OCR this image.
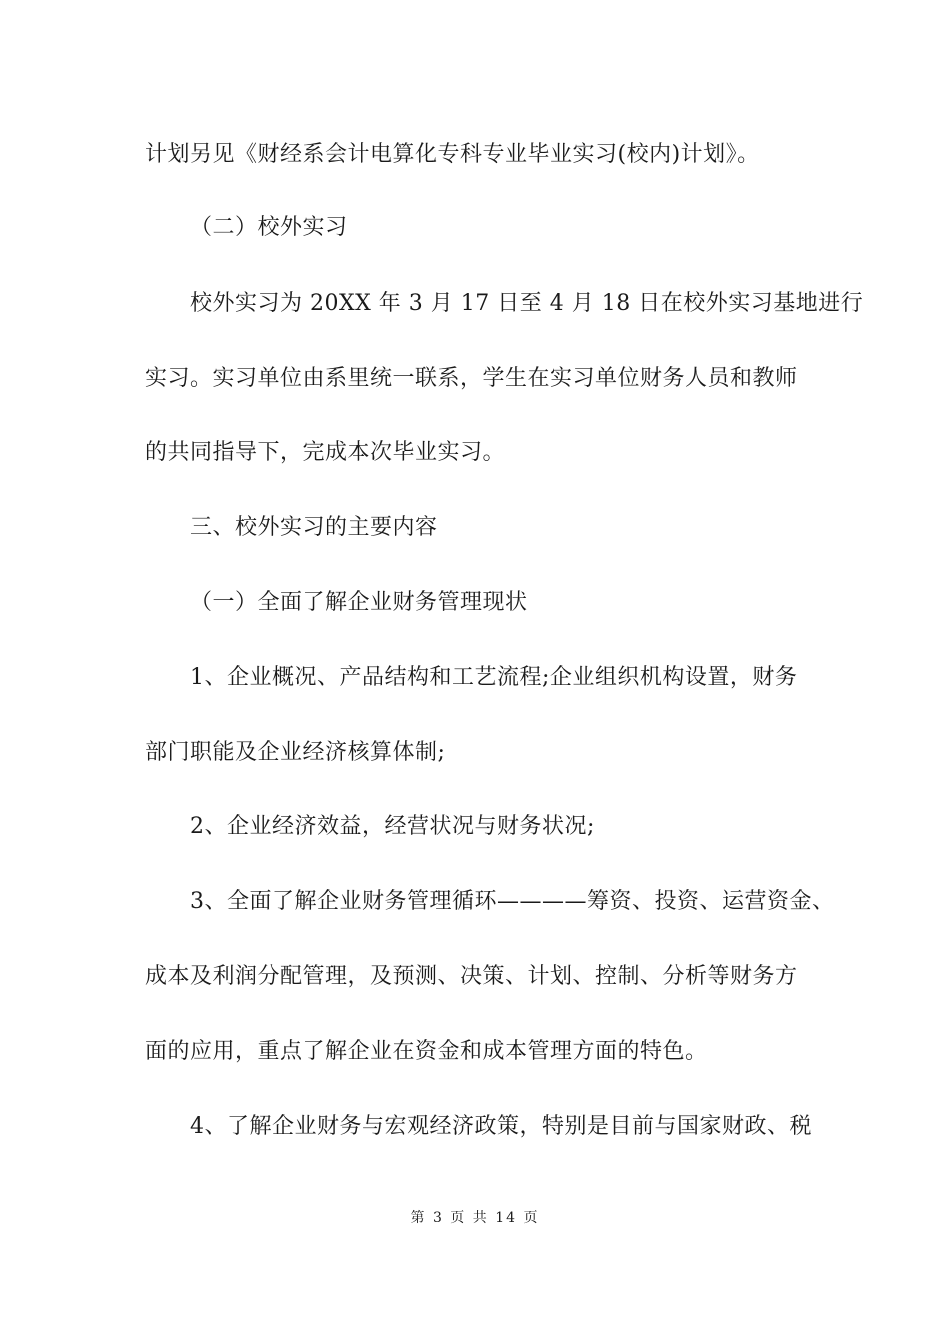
计划另见《财经系会计电算化专科专业毕业实习(校内)计划》。
（二）校外实习
校外实习为 20XX 年 3 月 17 日至 4 月 18 日在校外实习基地进行
实习。实习单位由系里统一联系，学生在实习单位财务人员和教师
的共同指导下，完成本次毕业实习。
三、校外实习的主要内容
（一）全面了解企业财务管理现状
1、企业概况、产品结构和工艺流程;企业组织机构设置，财务
部门职能及企业经济核算体制;
2、企业经济效益，经营状况与财务状况;
3、全面了解企业财务管理循环————筹资、投资、运营资金、
成本及利润分配管理，及预测、决策、计划、控制、分析等财务方
面的应用，重点了解企业在资金和成本管理方面的特色。
4、了解企业财务与宏观经济政策，特别是目前与国家财政、税
第 3 页 共 14 页
